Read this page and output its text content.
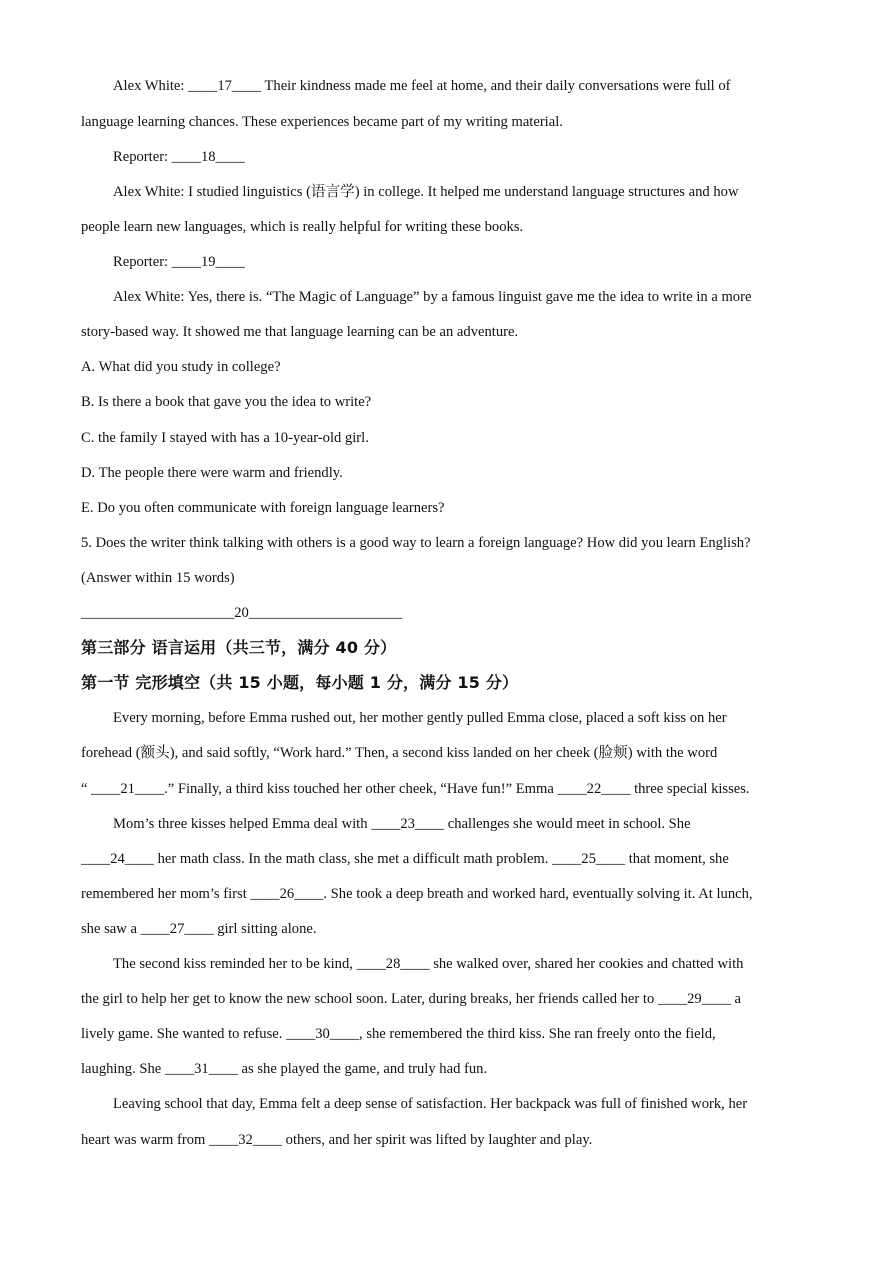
Alex White: ____17____ Their kindness made me feel at home, and their daily conversations were full of
language learning chances. These experiences became part of my writing material.
Reporter: ____18____
Alex White: I studied linguistics (语言学) in college. It helped me understand language structures and how
people learn new languages, which is really helpful for writing these books.
Reporter: ____19____
Alex White: Yes, there is. “The Magic of Language” by a famous linguist gave me the idea to write in a more
story-based way. It showed me that language learning can be an adventure.
A. What did you study in college?
B. Is there a book that gave you the idea to write?
C. the family I stayed with has a 10-year-old girl.
D. The people there were warm and friendly.
E. Do you often communicate with foreign language learners?
5. Does the writer think talking with others is a good way to learn a foreign language? How did you learn English?
(Answer within 15 words)
_____________________20_____________________
第三部分 语言运用（共三节，满分 40 分）
第一节 完形填空（共 15 小题，每小题 1 分，满分 15 分）
Every morning, before Emma rushed out, her mother gently pulled Emma close, placed a soft kiss on her
forehead (额头), and said softly, “Work hard.” Then, a second kiss landed on her cheek (脸颊) with the word
“ ____21____.” Finally, a third kiss touched her other cheek, “Have fun!” Emma ____22____ three special kisses.
Mom’s three kisses helped Emma deal with ____23____ challenges she would meet in school. She
____24____ her math class. In the math class, she met a difficult math problem. ____25____ that moment, she
remembered her mom’s first ____26____. She took a deep breath and worked hard, eventually solving it. At lunch,
she saw a ____27____ girl sitting alone.
The second kiss reminded her to be kind, ____28____ she walked over, shared her cookies and chatted with
the girl to help her get to know the new school soon. Later, during breaks, her friends called her to ____29____ a
lively game. She wanted to refuse. ____30____, she remembered the third kiss. She ran freely onto the field,
laughing. She ____31____ as she played the game, and truly had fun.
Leaving school that day, Emma felt a deep sense of satisfaction. Her backpack was full of finished work, her
heart was warm from ____32____ others, and her spirit was lifted by laughter and play.
